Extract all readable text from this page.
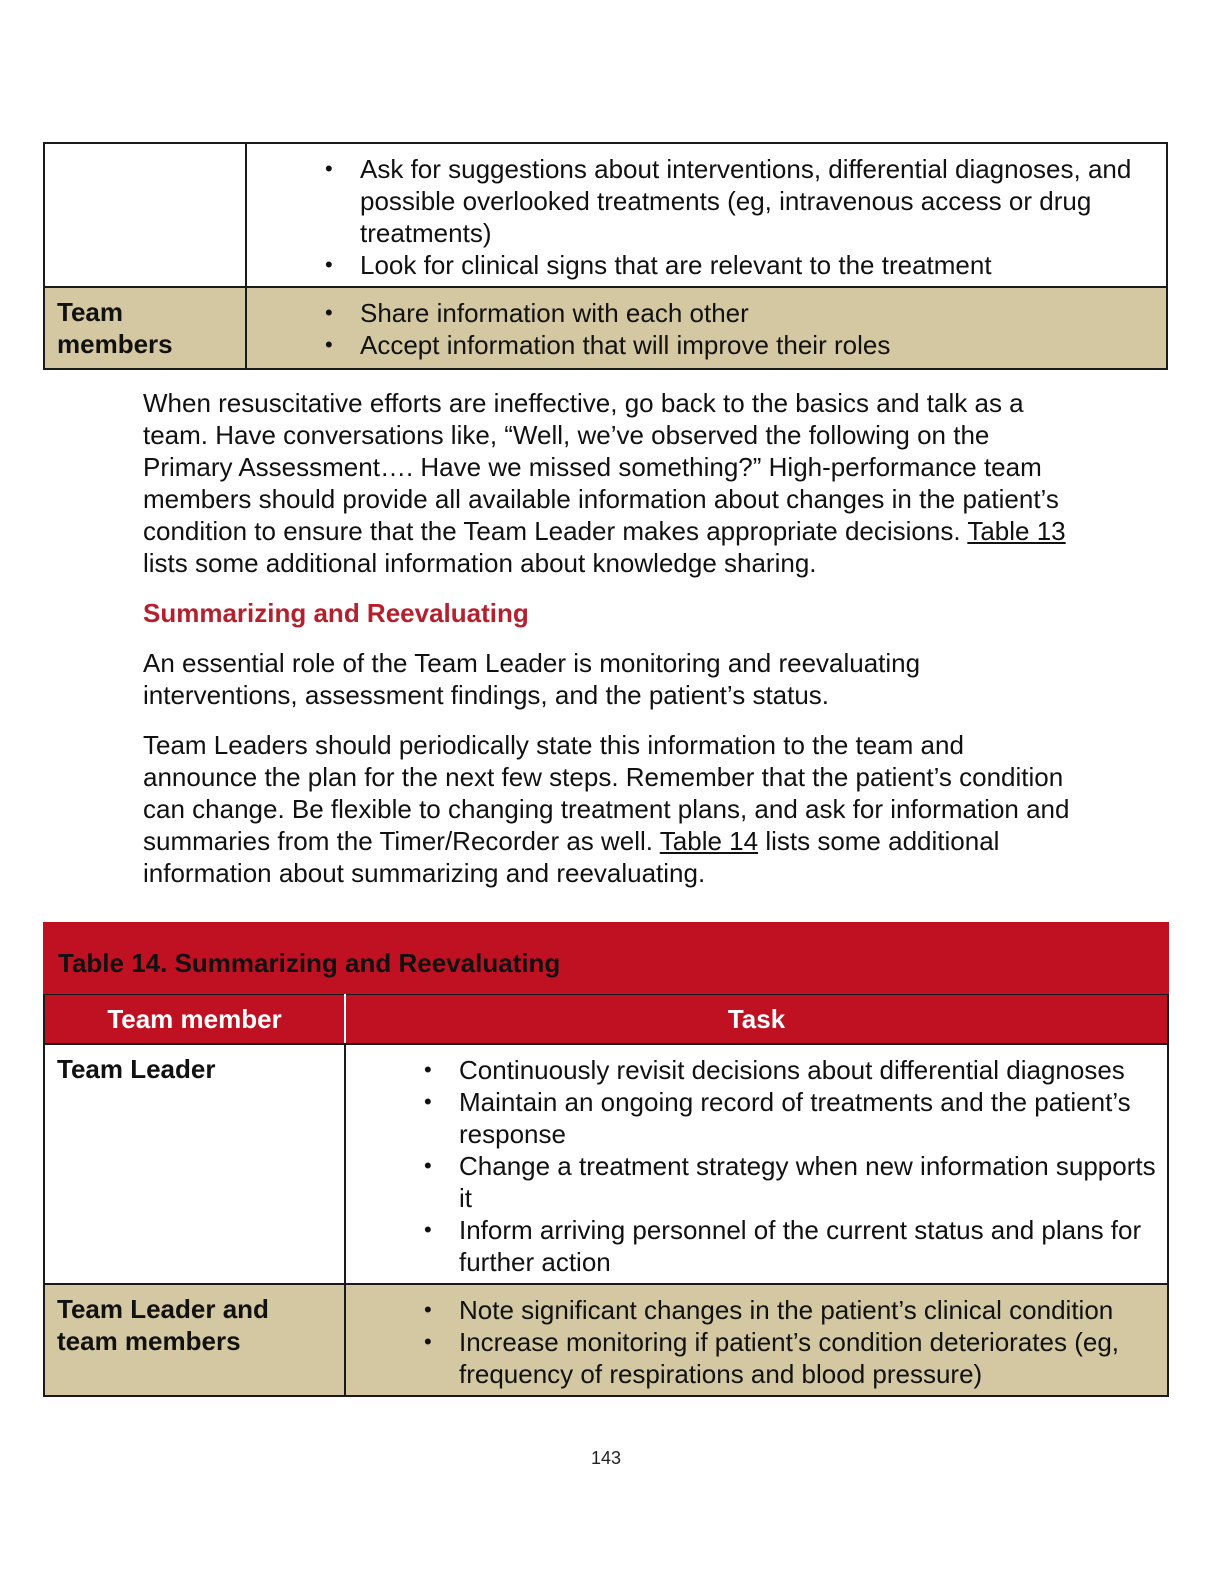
• Ask for suggestions about interventions, differential diagnoses, and possible overlooked treatments (eg, intravenous access or drug treatments)
• Look for clinical signs that are relevant to the treatment

Team members	
• Share information with each other
• Accept information that will improve their roles

When resuscitative efforts are ineffective, go back to the basics and talk as a team. Have conversations like, “Well, we’ve observed the following on the Primary Assessment…. Have we missed something?” High-performance team members should provide all available information about changes in the patient’s condition to ensure that the Team Leader makes appropriate decisions. Table 13 lists some additional information about knowledge sharing.

Summarizing and Reevaluating

An essential role of the Team Leader is monitoring and reevaluating interventions, assessment findings, and the patient’s status.

Team Leaders should periodically state this information to the team and announce the plan for the next few steps. Remember that the patient’s condition can change. Be flexible to changing treatment plans, and ask for information and summaries from the Timer/Recorder as well. Table 14 lists some additional information about summarizing and reevaluating.

Table 14. Summarizing and Reevaluating
Team member	Task
Team Leader	
•Continuously revisit decisions about differential diagnoses
• Maintain an ongoing record of treatments and the patient’s response
• Change a treatment strategy when new information supports it
• Inform arriving personnel of the current status and plans for further action

Team Leader and team members	
• Note significant changes in the patient’s clinical condition
• Increase monitoring if patient’s condition deteriorates (eg, frequency of respirations and blood pressure)
143
